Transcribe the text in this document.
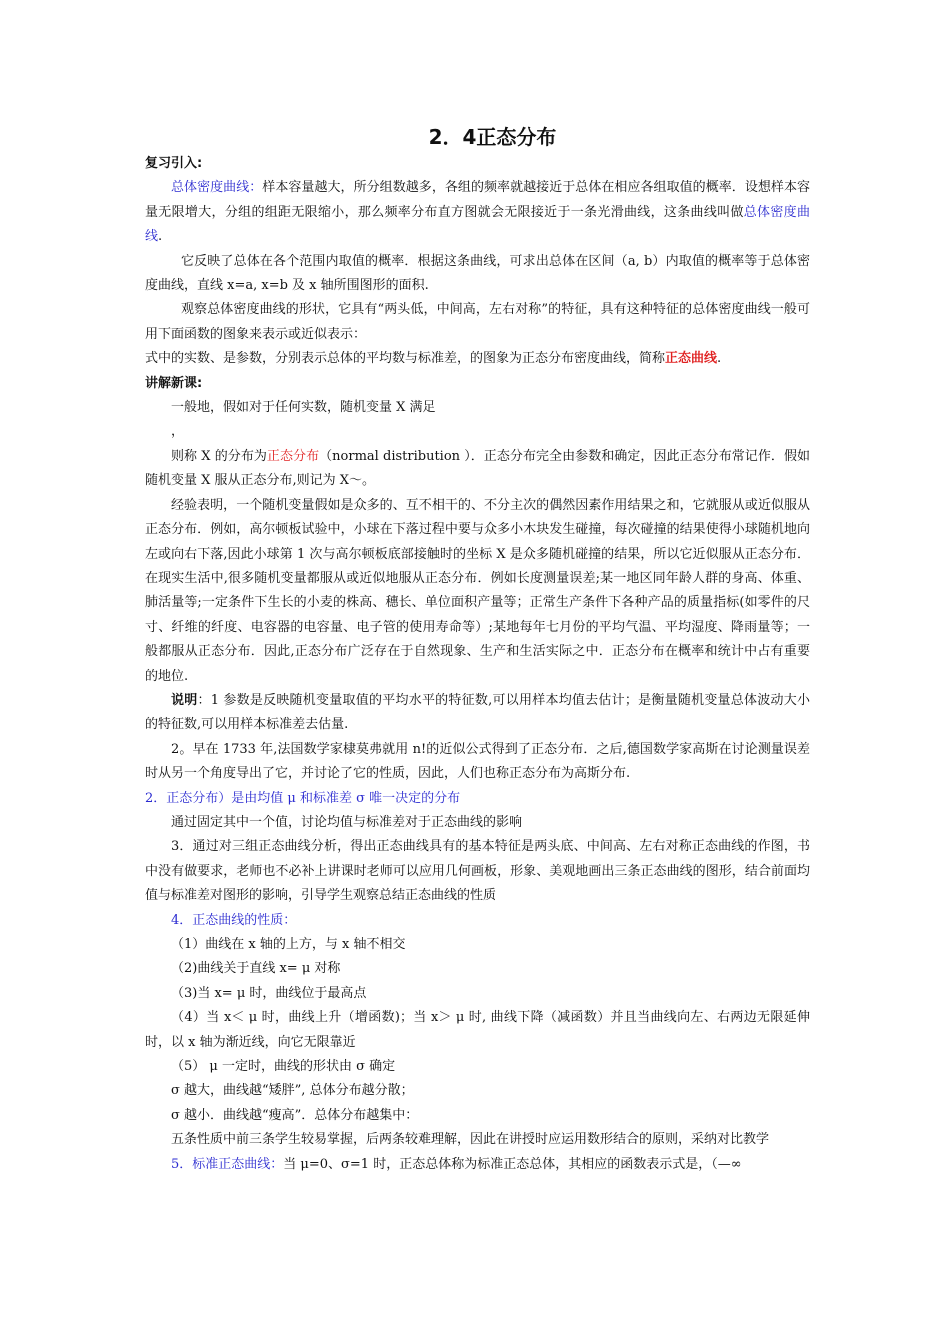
2．4正态分布
复习引入:

总体密度曲线：样本容量越大，所分组数越多，各组的频率就越接近于总体在相应各组取值的概率．设想样本容量无限增大，分组的组距无限缩小，那么频率分布直方图就会无限接近于一条光滑曲线，这条曲线叫做总体密度曲线.

它反映了总体在各个范围内取值的概率．根据这条曲线，可求出总体在区间（a, b）内取值的概率等于总体密度曲线，直线 x=a, x=b 及 x 轴所围图形的面积.

观察总体密度曲线的形状，它具有“两头低，中间高，左右对称”的特征，具有这种特征的总体密度曲线一般可用下面函数的图象来表示或近似表示：

式中的实数、是参数，分别表示总体的平均数与标准差，的图象为正态分布密度曲线，简称正态曲线.

讲解新课:

一般地，假如对于任何实数，随机变量 X 满足

，

则称 X 的分布为正态分布（normal distribution ）．正态分布完全由参数和确定，因此正态分布常记作．假如随机变量 X 服从正态分布,则记为 X～。

经验表明，一个随机变量假如是众多的、互不相干的、不分主次的偶然因素作用结果之和，它就服从或近似服从正态分布．例如，高尔顿板试验中，小球在下落过程中要与众多小木块发生碰撞，每次碰撞的结果使得小球随机地向左或向右下落,因此小球第 1 次与高尔顿板底部接触时的坐标 X 是众多随机碰撞的结果，所以它近似服从正态分布．在现实生活中,很多随机变量都服从或近似地服从正态分布．例如长度测量误差;某一地区同年龄人群的身高、体重、肺活量等;一定条件下生长的小麦的株高、穗长、单位面积产量等；正常生产条件下各种产品的质量指标(如零件的尺寸、纤维的纤度、电容器的电容量、电子管的使用寿命等）;某地每年七月份的平均气温、平均湿度、降雨量等；一般都服从正态分布．因此,正态分布广泛存在于自然现象、生产和生活实际之中．正态分布在概率和统计中占有重要的地位.

说明：1 参数是反映随机变量取值的平均水平的特征数,可以用样本均值去估计；是衡量随机变量总体波动大小的特征数,可以用样本标准差去估量.

2。早在 1733 年,法国数学家棣莫弗就用 n!的近似公式得到了正态分布．之后,德国数学家高斯在讨论测量误差时从另一个角度导出了它，并讨论了它的性质，因此，人们也称正态分布为高斯分布.

2．正态分布）是由均值 μ 和标准差 σ 唯一决定的分布

通过固定其中一个值，讨论均值与标准差对于正态曲线的影响

3．通过对三组正态曲线分析，得出正态曲线具有的基本特征是两头底、中间高、左右对称正态曲线的作图，书中没有做要求，老师也不必补上讲课时老师可以应用几何画板，形象、美观地画出三条正态曲线的图形，结合前面均值与标准差对图形的影响，引导学生观察总结正态曲线的性质

4．正态曲线的性质：

（1）曲线在 x 轴的上方，与 x 轴不相交

（2)曲线关于直线 x= μ 对称

（3)当 x= μ 时，曲线位于最高点

（4）当 x＜ μ 时，曲线上升（增函数)；当 x＞ μ 时, 曲线下降（减函数）并且当曲线向左、右两边无限延伸时，以 x 轴为渐近线，向它无限靠近

（5） μ 一定时，曲线的形状由 σ 确定

σ 越大，曲线越“矮胖”, 总体分布越分散；

σ 越小．曲线越“瘦高”．总体分布越集中：

五条性质中前三条学生较易掌握，后两条较难理解，因此在讲授时应运用数形结合的原则，采纳对比教学

5．标准正态曲线：当 μ=0、σ=1 时，正态总体称为标准正态总体，其相应的函数表示式是，（—∞
